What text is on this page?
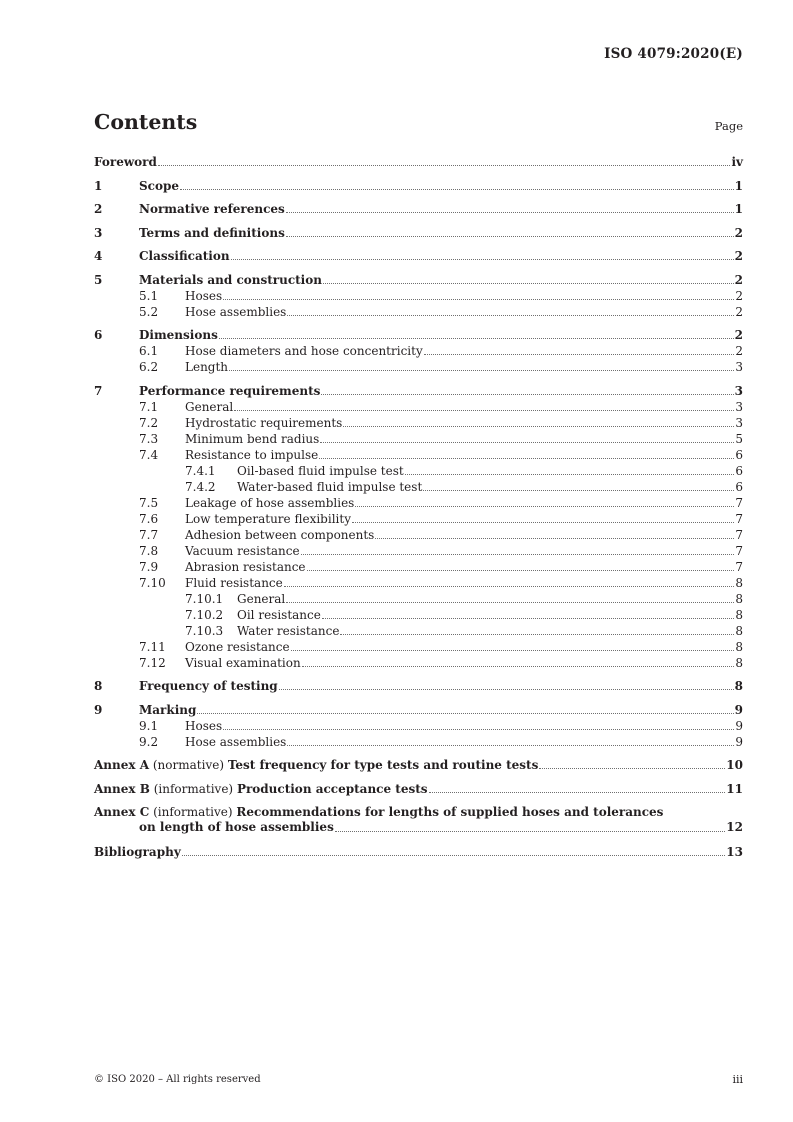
ISO 4079:2020(E)
Contents	Page
Foreword	iv
1	Scope	1
2	Normative references	1
3	Terms and definitions	2
4	Classification	2
5	Materials and construction	2
5.1	Hoses	2
5.2	Hose assemblies	2
6	Dimensions	2
6.1	Hose diameters and hose concentricity	2
6.2	Length	3
7	Performance requirements	3
7.1	General	3
7.2	Hydrostatic requirements	3
7.3	Minimum bend radius	5
7.4	Resistance to impulse	6
7.4.1	Oil-based fluid impulse test	6
7.4.2	Water-based fluid impulse test	6
7.5	Leakage of hose assemblies	7
7.6	Low temperature flexibility	7
7.7	Adhesion between components	7
7.8	Vacuum resistance	7
7.9	Abrasion resistance	7
7.10	Fluid resistance	8
7.10.1	General	8
7.10.2	Oil resistance	8
7.10.3	Water resistance	8
7.11	Ozone resistance	8
7.12	Visual examination	8
8	Frequency of testing	8
9	Marking	9
9.1	Hoses	9
9.2	Hose assemblies	9
Annex A (normative) Test frequency for type tests and routine tests	10
Annex B (informative) Production acceptance tests	11
Annex C (informative) Recommendations for lengths of supplied hoses and tolerances
on length of hose assemblies	12
Bibliography	13
© ISO 2020 – All rights reserved	iii
